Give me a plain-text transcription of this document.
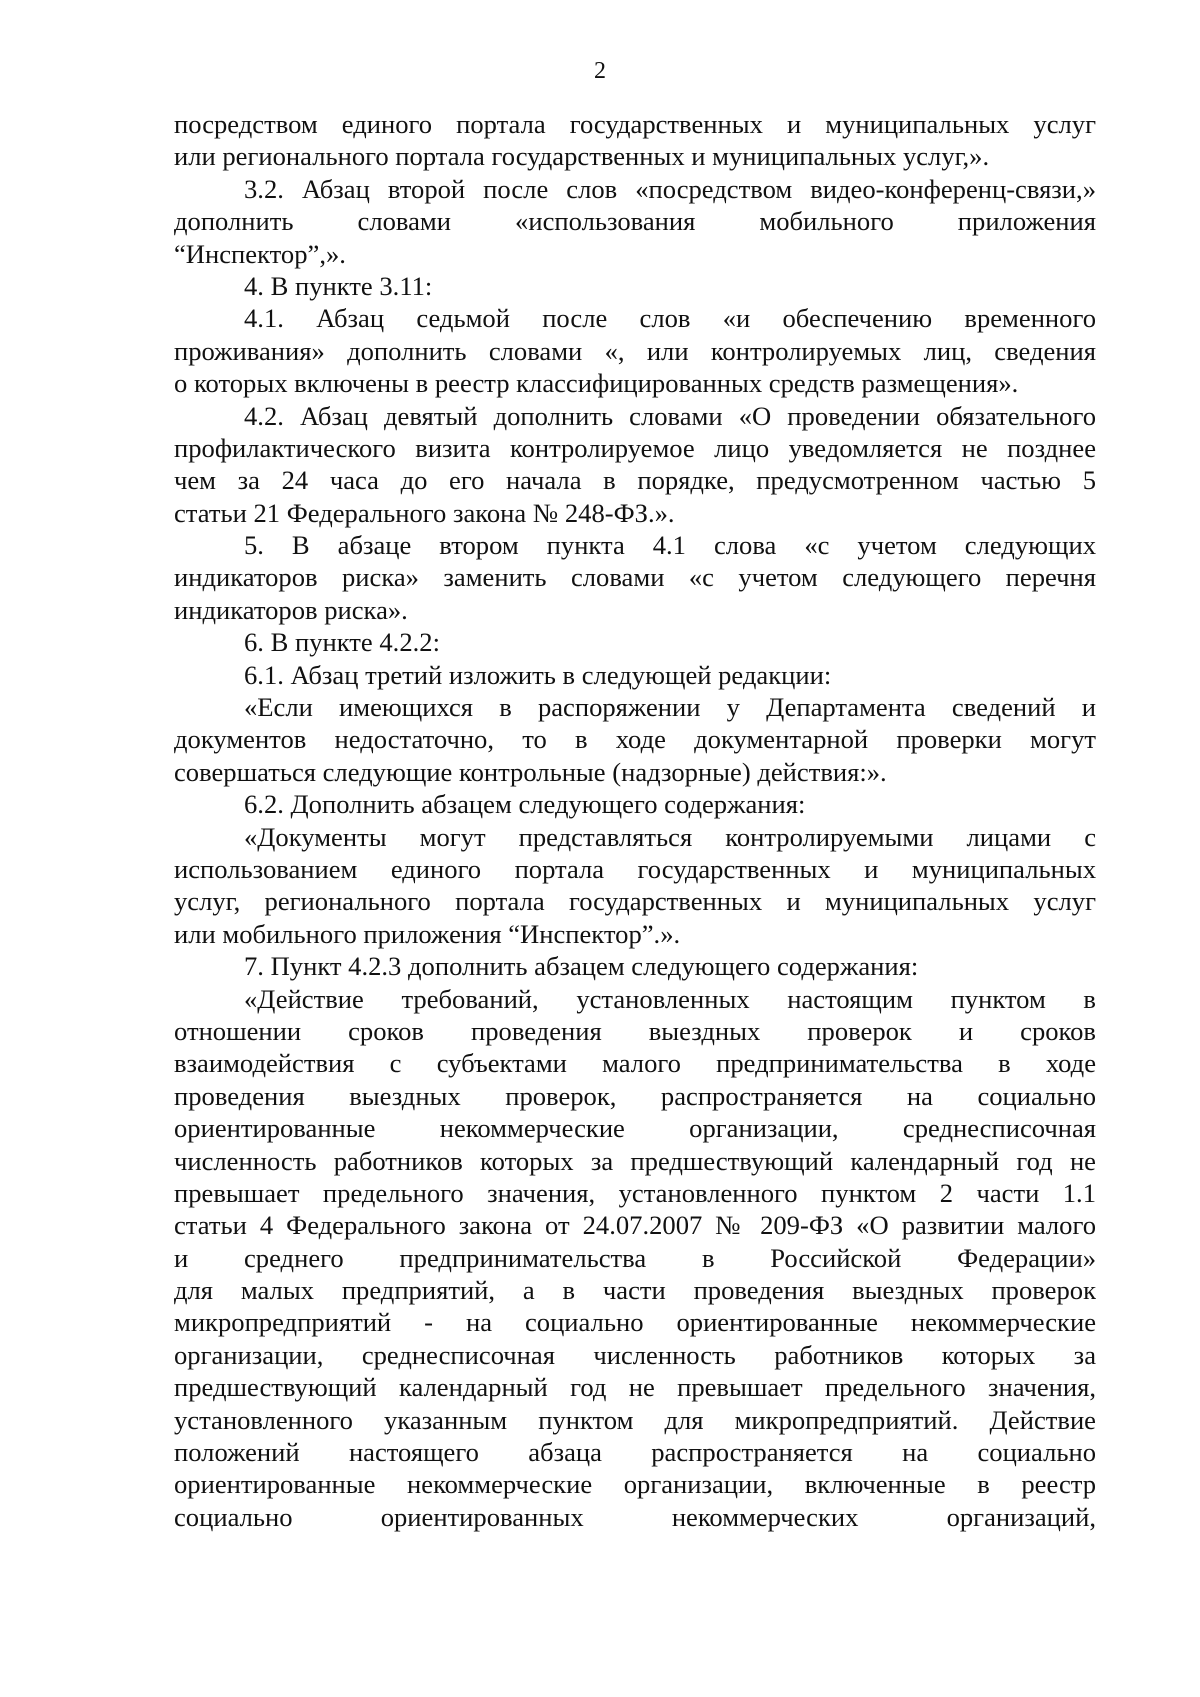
2
посредством единого портала государственных и муниципальных услуг
или регионального портала государственных и муниципальных услуг,».
3.2. Абзац второй после слов «посредством видео-конференц-связи,»
дополнить словами «использования мобильного приложения
“Инспектор”,».
4. В пункте 3.11:
4.1. Абзац седьмой после слов «и обеспечению временного
проживания» дополнить словами «, или контролируемых лиц, сведения
о которых включены в реестр классифицированных средств размещения».
4.2. Абзац девятый дополнить словами «О проведении обязательного
профилактического визита контролируемое лицо уведомляется не позднее
чем за 24 часа до его начала в порядке, предусмотренном частью 5
статьи 21 Федерального закона № 248-ФЗ.».
5. В абзаце втором пункта 4.1 слова «с учетом следующих
индикаторов риска» заменить словами «с учетом следующего перечня
индикаторов риска».
6. В пункте 4.2.2:
6.1. Абзац третий изложить в следующей редакции:
«Если имеющихся в распоряжении у Департамента сведений и
документов недостаточно, то в ходе документарной проверки могут
совершаться следующие контрольные (надзорные) действия:».
6.2. Дополнить абзацем следующего содержания:
«Документы могут представляться контролируемыми лицами с
использованием единого портала государственных и муниципальных
услуг, регионального портала государственных и муниципальных услуг
или мобильного приложения “Инспектор”.».
7. Пункт 4.2.3 дополнить абзацем следующего содержания:
«Действие требований, установленных настоящим пунктом в
отношении сроков проведения выездных проверок и сроков
взаимодействия с субъектами малого предпринимательства в ходе
проведения выездных проверок, распространяется на социально
ориентированные некоммерческие организации, среднесписочная
численность работников которых за предшествующий календарный год не
превышает предельного значения, установленного пунктом 2 части 1.1
статьи 4 Федерального закона от 24.07.2007 № 209-ФЗ «О развитии малого
и среднего предпринимательства в Российской Федерации»
для малых предприятий, а в части проведения выездных проверок
микропредприятий - на социально ориентированные некоммерческие
организации, среднесписочная численность работников которых за
предшествующий календарный год не превышает предельного значения,
установленного указанным пунктом для микропредприятий. Действие
положений настоящего абзаца распространяется на социально
ориентированные некоммерческие организации, включенные в реестр
социально ориентированных некоммерческих организаций,
